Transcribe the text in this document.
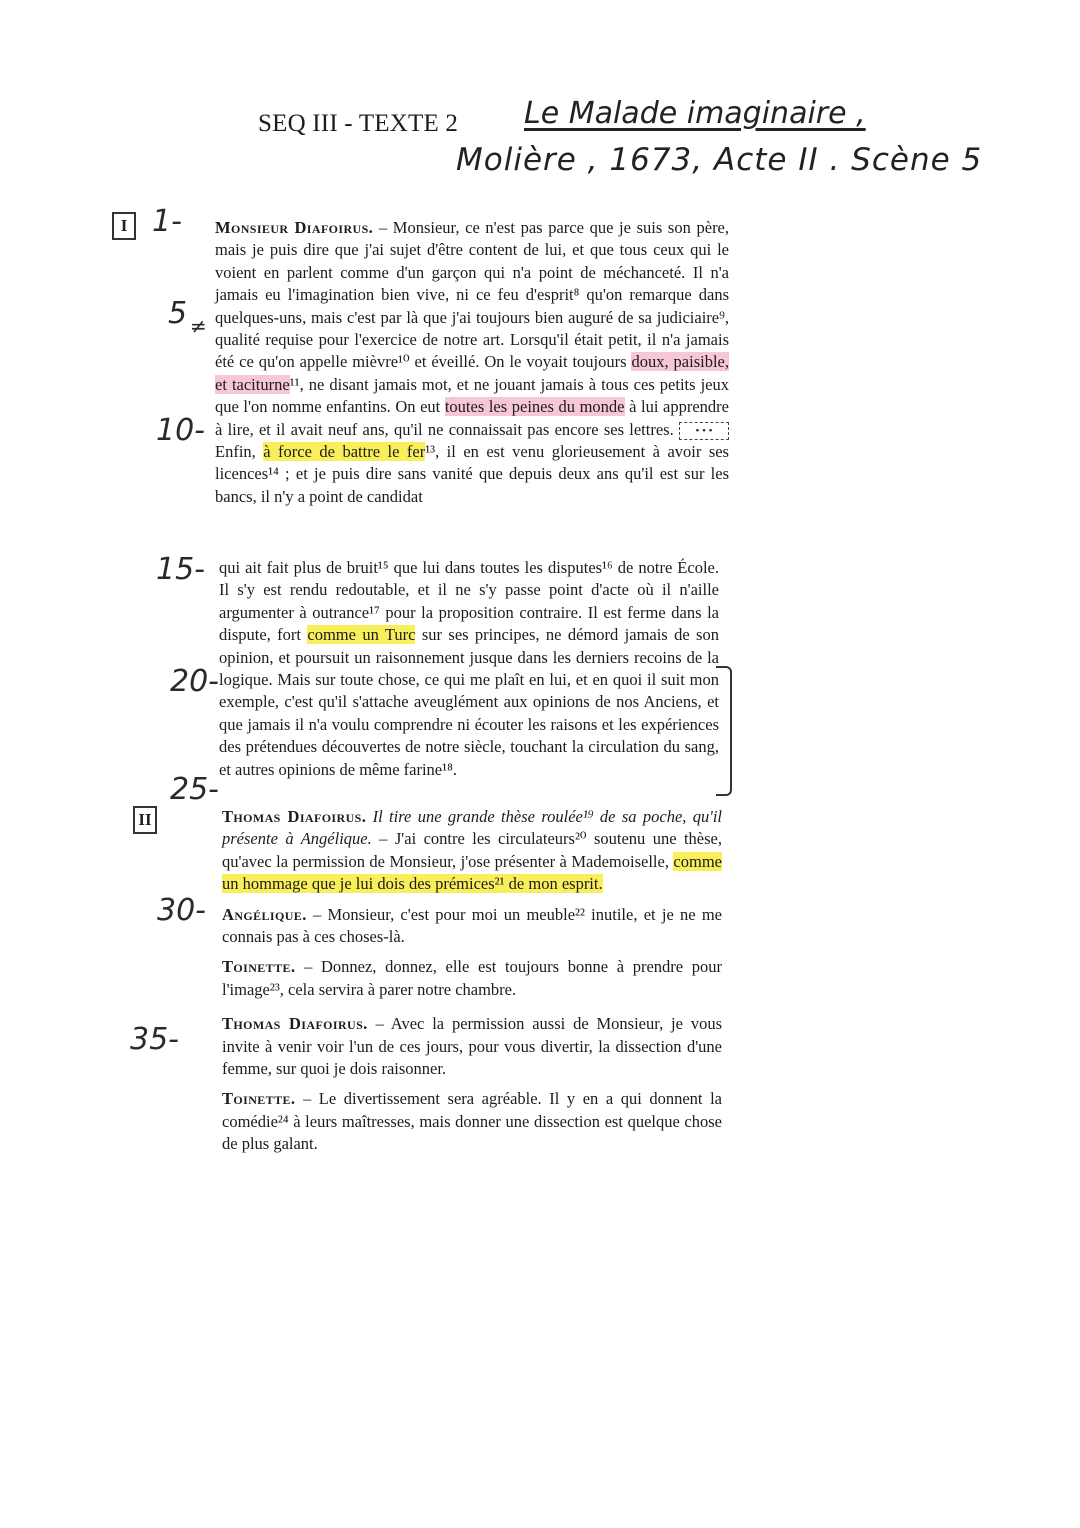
SEQ III - TEXTE 2 Le Malade imaginaire ,
Molière , 1673, Acte II . Scène 5
I
II
1-
5 ≠
10-
15-
20-
25-
30-
35-

Monsieur Diafoirus. – Monsieur, ce n'est pas parce que je suis son père, mais je puis dire que j'ai sujet d'être content de lui, et que tous ceux qui le voient en parlent comme d'un garçon qui n'a point de méchanceté. Il n'a jamais eu l'imagination bien vive, ni ce feu d'esprit⁸ qu'on remarque dans quelques-uns, mais c'est par là que j'ai toujours bien auguré de sa judiciaire⁹, qualité requise pour l'exercice de notre art. Lorsqu'il était petit, il n'a jamais été ce qu'on appelle mièvre¹⁰ et éveillé. On le voyait toujours doux, paisible, et taciturne¹¹, ne disant jamais mot, et ne jouant jamais à tous ces petits jeux que l'on nomme enfantins. On eut toutes les peines du monde à lui apprendre à lire, et il avait neuf ans, qu'il ne connaissait pas encore ses lettres. • • • Enfin, à force de battre le fer¹³, il en est venu glorieusement à avoir ses licences¹⁴ ; et je puis dire sans vanité que depuis deux ans qu'il est sur les bancs, il n'y a point de candidat

qui ait fait plus de bruit¹⁵ que lui dans toutes les disputes¹⁶ de notre École. Il s'y est rendu redoutable, et il ne s'y passe point d'acte où il n'aille argumenter à outrance¹⁷ pour la proposition contraire. Il est ferme dans la dispute, fort comme un Turc sur ses principes, ne démord jamais de son opinion, et poursuit un raisonnement jusque dans les derniers recoins de la logique. Mais sur toute chose, ce qui me plaît en lui, et en quoi il suit mon exemple, c'est qu'il s'attache aveuglément aux opinions de nos Anciens, et que jamais il n'a voulu comprendre ni écouter les raisons et les expériences des prétendues découvertes de notre siècle, touchant la circulation du sang, et autres opinions de même farine¹⁸.

Thomas Diafoirus. Il tire une grande thèse roulée¹⁹ de sa poche, qu'il présente à Angélique. – J'ai contre les circulateurs²⁰ soutenu une thèse, qu'avec la permission de Monsieur, j'ose présenter à Mademoiselle, comme un hommage que je lui dois des prémices²¹ de mon esprit.

Angélique. – Monsieur, c'est pour moi un meuble²² inutile, et je ne me connais pas à ces choses-là.

Toinette. – Donnez, donnez, elle est toujours bonne à prendre pour l'image²³, cela servira à parer notre chambre.

Thomas Diafoirus. – Avec la permission aussi de Monsieur, je vous invite à venir voir l'un de ces jours, pour vous divertir, la dissection d'une femme, sur quoi je dois raisonner.

Toinette. – Le divertissement sera agréable. Il y en a qui donnent la comédie²⁴ à leurs maîtresses, mais donner une dissection est quelque chose de plus galant.
